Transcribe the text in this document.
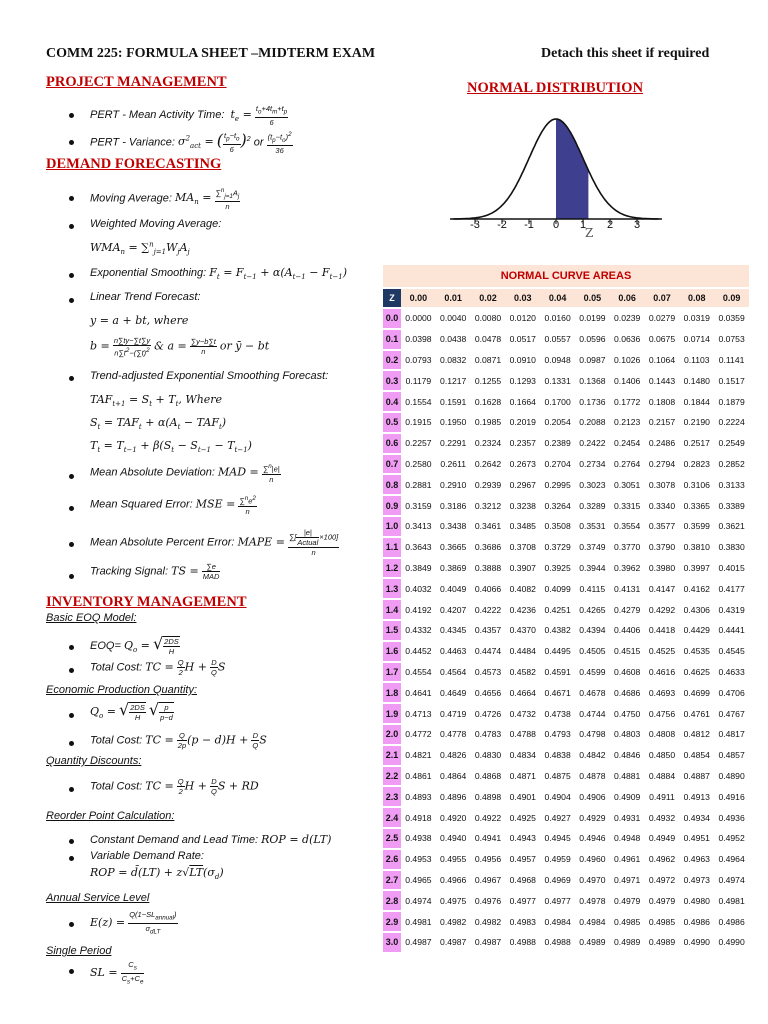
COMM 225: FORMULA SHEET –MIDTERM EXAM	Detach this sheet if required
PROJECT MANAGEMENT
PERT - Mean Activity Time: $t_e = \frac{t_o+4t_m+t_p}{6}$
PERT - Variance: $\sigma^2_{act}$ = ( $\frac{t_p-t_o}{6} )^2$ or $\frac{(t_p-t_o)^2}{36}$
DEMAND FORECASTING
Moving Average: $MA_n = \frac{\sum^n_{j=1}A_j}{n}$
Weighted Moving Average:
$WMA_n = \sum^n_{j=1}W_jA_j$
Exponential Smoothing: $F_t = F_{t-1} + \alpha(A_{t-1} - F_{t-1})$
Linear Trend Forecast:
y = a + bt, where
$b = \frac{n\sum ty-\sum t\sum y}{n\sum t^2-(\sum t)^2}$ & $a = \frac{\sum y-b\sum t}{n}$ or ȳ − bt
Trend-adjusted Exponential Smoothing Forecast:
$TAF_{t+1} = S_t + T_t$, Where
$S_t = TAF_t + \alpha(A_t - TAF_t)$
$T_t = T_{t-1} + \beta(S_t - S_{t-1} - T_{t-1})$
Mean Absolute Deviation: MAD = $\frac{\sum^n|e|}{n}$
Mean Squared Error: MSE = $\frac{\sum^ne^2}{n}$
Mean Absolute Percent Error: MAPE = $\frac{\sum[ \frac{|e|}{\text{Actual}} \times 100]}{n}$
Tracking Signal: TS = $\frac{\sum e}{\text{MAD}}$
INVENTORY MANAGEMENT
Basic EOQ Model:
$EOQ= Q_o$ = √ $\frac{2DS}{H}$
Total Cost: TC = $\frac{Q}{2}$ $H + \frac{D}{Q}$ S
Economic Production Quantity:
$Q_o$ = √ $\frac{2DS}{H}$ √ $\frac{p}{p-d}$
Total Cost: TC = $\frac{Q}{2p} (p - d)H + \frac{D}{Q}$ S
Quantity Discounts:
Total Cost: TC = $\frac{Q}{2}$ $H + \frac{D}{Q}$ S + RD
Reorder Point Calculation:
Constant Demand and Lead Time: ROP = d(LT)
Variable Demand Rate:
ROP = d̄(LT) + $z√LT(\sigma_d)$
Annual Service Level
$E(z) = \frac{Q(1-SL_{annual})}{\sigma_{dLT}}$
Single Period
SL = $\frac{C_s}{C_s+C_e}$
NORMAL DISTRIBUTION
-3 -2 -1 0 1 2 3
Z
NORMAL CURVE AREAS
Z	0.00	0.01	0.02	0.03	0.04	0.05	0.06	0.07	0.08	0.09
0.0	0.0000	0.0040	0.0080	0.0120	0.0160	0.0199	0.0239	0.0279	0.0319	0.0359
0.1	0.0398	0.0438	0.0478	0.0517	0.0557	0.0596	0.0636	0.0675	0.0714	0.0753
0.2	0.0793	0.0832	0.0871	0.0910	0.0948	0.0987	0.1026	0.1064	0.1103	0.1141
0.3	0.1179	0.1217	0.1255	0.1293	0.1331	0.1368	0.1406	0.1443	0.1480	0.1517
0.4	0.1554	0.1591	0.1628	0.1664	0.1700	0.1736	0.1772	0.1808	0.1844	0.1879
0.5	0.1915	0.1950	0.1985	0.2019	0.2054	0.2088	0.2123	0.2157	0.2190	0.2224
0.6	0.2257	0.2291	0.2324	0.2357	0.2389	0.2422	0.2454	0.2486	0.2517	0.2549
0.7	0.2580	0.2611	0.2642	0.2673	0.2704	0.2734	0.2764	0.2794	0.2823	0.2852
0.8	0.2881	0.2910	0.2939	0.2967	0.2995	0.3023	0.3051	0.3078	0.3106	0.3133
0.9	0.3159	0.3186	0.3212	0.3238	0.3264	0.3289	0.3315	0.3340	0.3365	0.3389
1.0	0.3413	0.3438	0.3461	0.3485	0.3508	0.3531	0.3554	0.3577	0.3599	0.3621
1.1	0.3643	0.3665	0.3686	0.3708	0.3729	0.3749	0.3770	0.3790	0.3810	0.3830
1.2	0.3849	0.3869	0.3888	0.3907	0.3925	0.3944	0.3962	0.3980	0.3997	0.4015
1.3	0.4032	0.4049	0.4066	0.4082	0.4099	0.4115	0.4131	0.4147	0.4162	0.4177
1.4	0.4192	0.4207	0.4222	0.4236	0.4251	0.4265	0.4279	0.4292	0.4306	0.4319
1.5	0.4332	0.4345	0.4357	0.4370	0.4382	0.4394	0.4406	0.4418	0.4429	0.4441
1.6	0.4452	0.4463	0.4474	0.4484	0.4495	0.4505	0.4515	0.4525	0.4535	0.4545
1.7	0.4554	0.4564	0.4573	0.4582	0.4591	0.4599	0.4608	0.4616	0.4625	0.4633
1.8	0.4641	0.4649	0.4656	0.4664	0.4671	0.4678	0.4686	0.4693	0.4699	0.4706
1.9	0.4713	0.4719	0.4726	0.4732	0.4738	0.4744	0.4750	0.4756	0.4761	0.4767
2.0	0.4772	0.4778	0.4783	0.4788	0.4793	0.4798	0.4803	0.4808	0.4812	0.4817
2.1	0.4821	0.4826	0.4830	0.4834	0.4838	0.4842	0.4846	0.4850	0.4854	0.4857
2.2	0.4861	0.4864	0.4868	0.4871	0.4875	0.4878	0.4881	0.4884	0.4887	0.4890
2.3	0.4893	0.4896	0.4898	0.4901	0.4904	0.4906	0.4909	0.4911	0.4913	0.4916
2.4	0.4918	0.4920	0.4922	0.4925	0.4927	0.4929	0.4931	0.4932	0.4934	0.4936
2.5	0.4938	0.4940	0.4941	0.4943	0.4945	0.4946	0.4948	0.4949	0.4951	0.4952
2.6	0.4953	0.4955	0.4956	0.4957	0.4959	0.4960	0.4961	0.4962	0.4963	0.4964
2.7	0.4965	0.4966	0.4967	0.4968	0.4969	0.4970	0.4971	0.4972	0.4973	0.4974
2.8	0.4974	0.4975	0.4976	0.4977	0.4977	0.4978	0.4979	0.4979	0.4980	0.4981
2.9	0.4981	0.4982	0.4982	0.4983	0.4984	0.4984	0.4985	0.4985	0.4986	0.4986
3.0	0.4987	0.4987	0.4987	0.4988	0.4988	0.4989	0.4989	0.4989	0.4990	0.4990
